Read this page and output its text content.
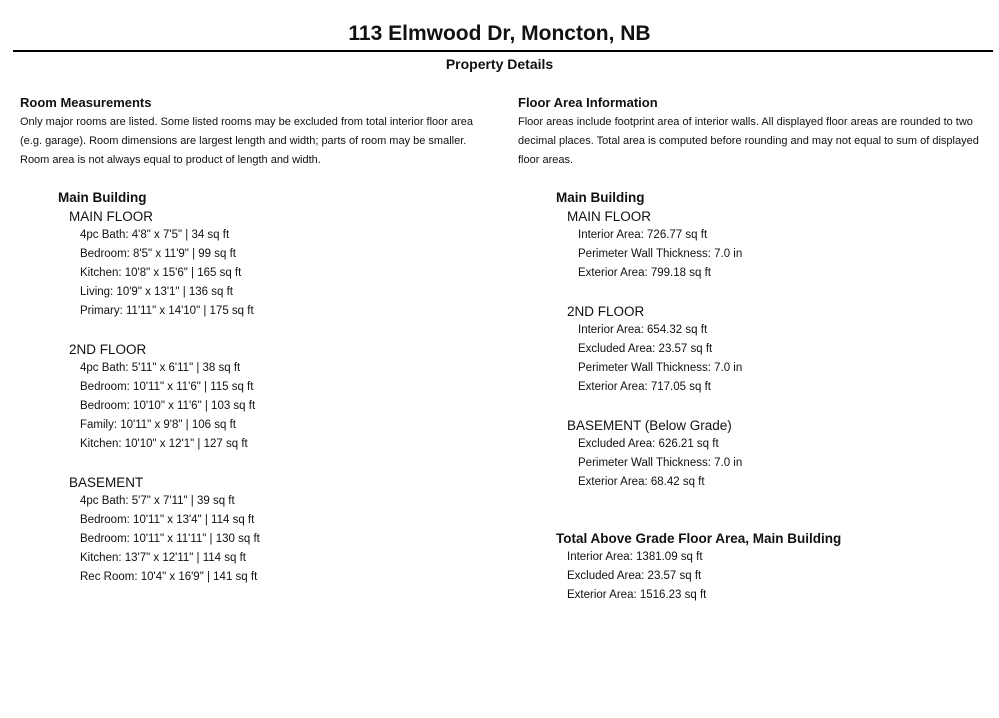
113 Elmwood Dr, Moncton, NB
Property Details
Room Measurements
Only major rooms are listed. Some listed rooms may be excluded from total interior floor area (e.g. garage). Room dimensions are largest length and width; parts of room may be smaller. Room area is not always equal to product of length and width.
Main Building
MAIN FLOOR
4pc Bath: 4'8" x 7'5" | 34 sq ft
Bedroom: 8'5" x 11'9" | 99 sq ft
Kitchen: 10'8" x 15'6" | 165 sq ft
Living: 10'9" x 13'1" | 136 sq ft
Primary: 11'11" x 14'10" | 175 sq ft
2ND FLOOR
4pc Bath: 5'11" x 6'11" | 38 sq ft
Bedroom: 10'11" x 11'6" | 115 sq ft
Bedroom: 10'10" x 11'6" | 103 sq ft
Family: 10'11" x 9'8" | 106 sq ft
Kitchen: 10'10" x 12'1" | 127 sq ft
BASEMENT
4pc Bath: 5'7" x 7'11" | 39 sq ft
Bedroom: 10'11" x 13'4" | 114 sq ft
Bedroom: 10'11" x 11'11" | 130 sq ft
Kitchen: 13'7" x 12'11" | 114 sq ft
Rec Room: 10'4" x 16'9" | 141 sq ft
Floor Area Information
Floor areas include footprint area of interior walls. All displayed floor areas are rounded to two decimal places. Total area is computed before rounding and may not equal to sum of displayed floor areas.
Main Building
MAIN FLOOR
Interior Area: 726.77 sq ft
Perimeter Wall Thickness: 7.0 in
Exterior Area: 799.18 sq ft
2ND FLOOR
Interior Area: 654.32 sq ft
Excluded Area: 23.57 sq ft
Perimeter Wall Thickness: 7.0 in
Exterior Area: 717.05 sq ft
BASEMENT (Below Grade)
Excluded Area: 626.21 sq ft
Perimeter Wall Thickness: 7.0 in
Exterior Area: 68.42 sq ft
Total Above Grade Floor Area, Main Building
Interior Area: 1381.09 sq ft
Excluded Area: 23.57 sq ft
Exterior Area: 1516.23 sq ft
